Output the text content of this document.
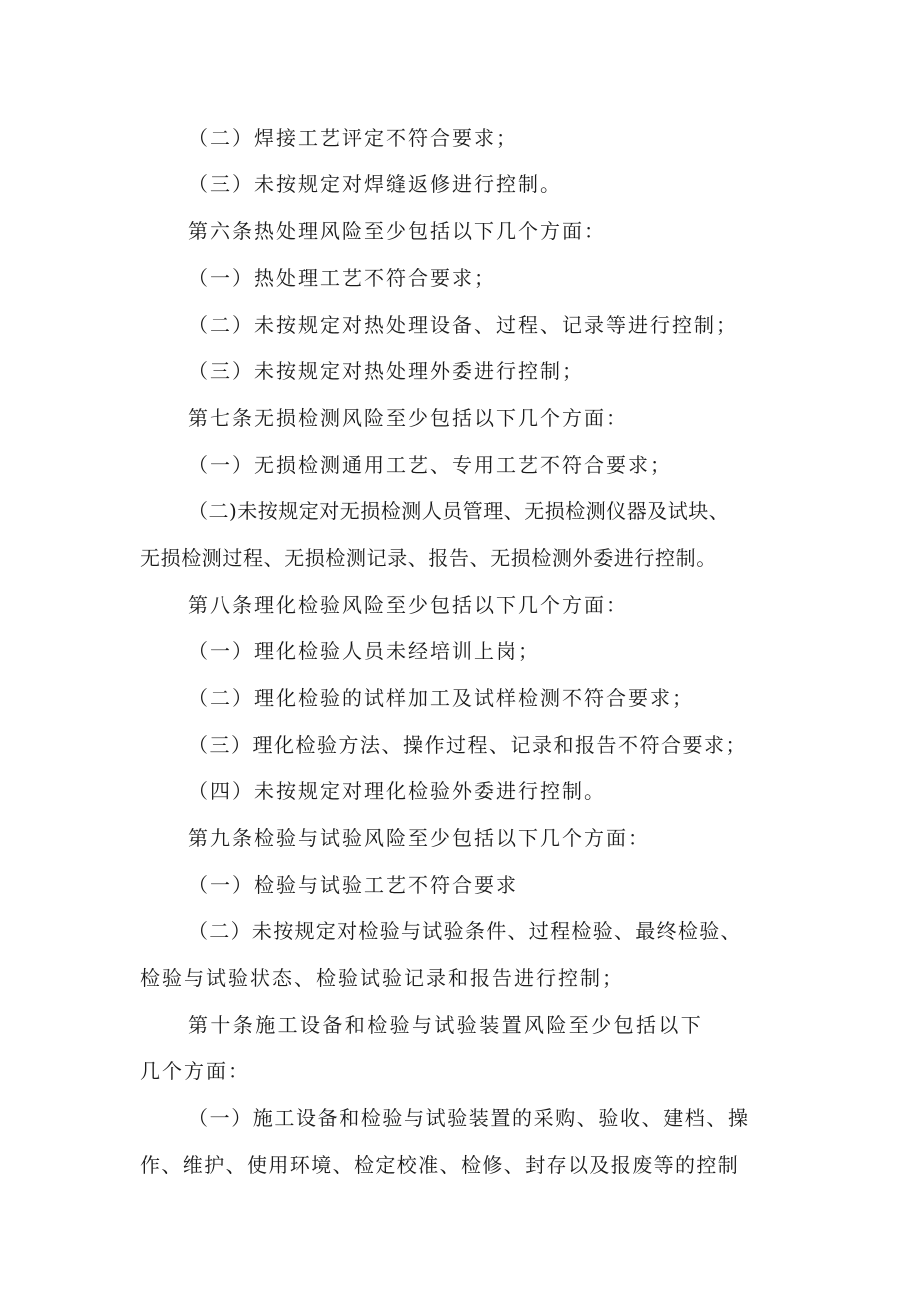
（二）焊接工艺评定不符合要求；
（三）未按规定对焊缝返修进行控制。
第六条热处理风险至少包括以下几个方面：
（一）热处理工艺不符合要求；
（二）未按规定对热处理设备、过程、记录等进行控制；
（三）未按规定对热处理外委进行控制；
第七条无损检测风险至少包括以下几个方面：
（一）无损检测通用工艺、专用工艺不符合要求；
（二)未按规定对无损检测人员管理、无损检测仪器及试块、
无损检测过程、无损检测记录、报告、无损检测外委进行控制。
第八条理化检验风险至少包括以下几个方面：
（一）理化检验人员未经培训上岗；
（二）理化检验的试样加工及试样检测不符合要求；
（三）理化检验方法、操作过程、记录和报告不符合要求；
（四）未按规定对理化检验外委进行控制。
第九条检验与试验风险至少包括以下几个方面：
（一）检验与试验工艺不符合要求
（二）未按规定对检验与试验条件、过程检验、最终检验、
检验与试验状态、检验试验记录和报告进行控制；
第十条施工设备和检验与试验装置风险至少包括以下
几个方面：
（一）施工设备和检验与试验装置的采购、验收、建档、操
作、维护、使用环境、检定校准、检修、封存以及报废等的控制
